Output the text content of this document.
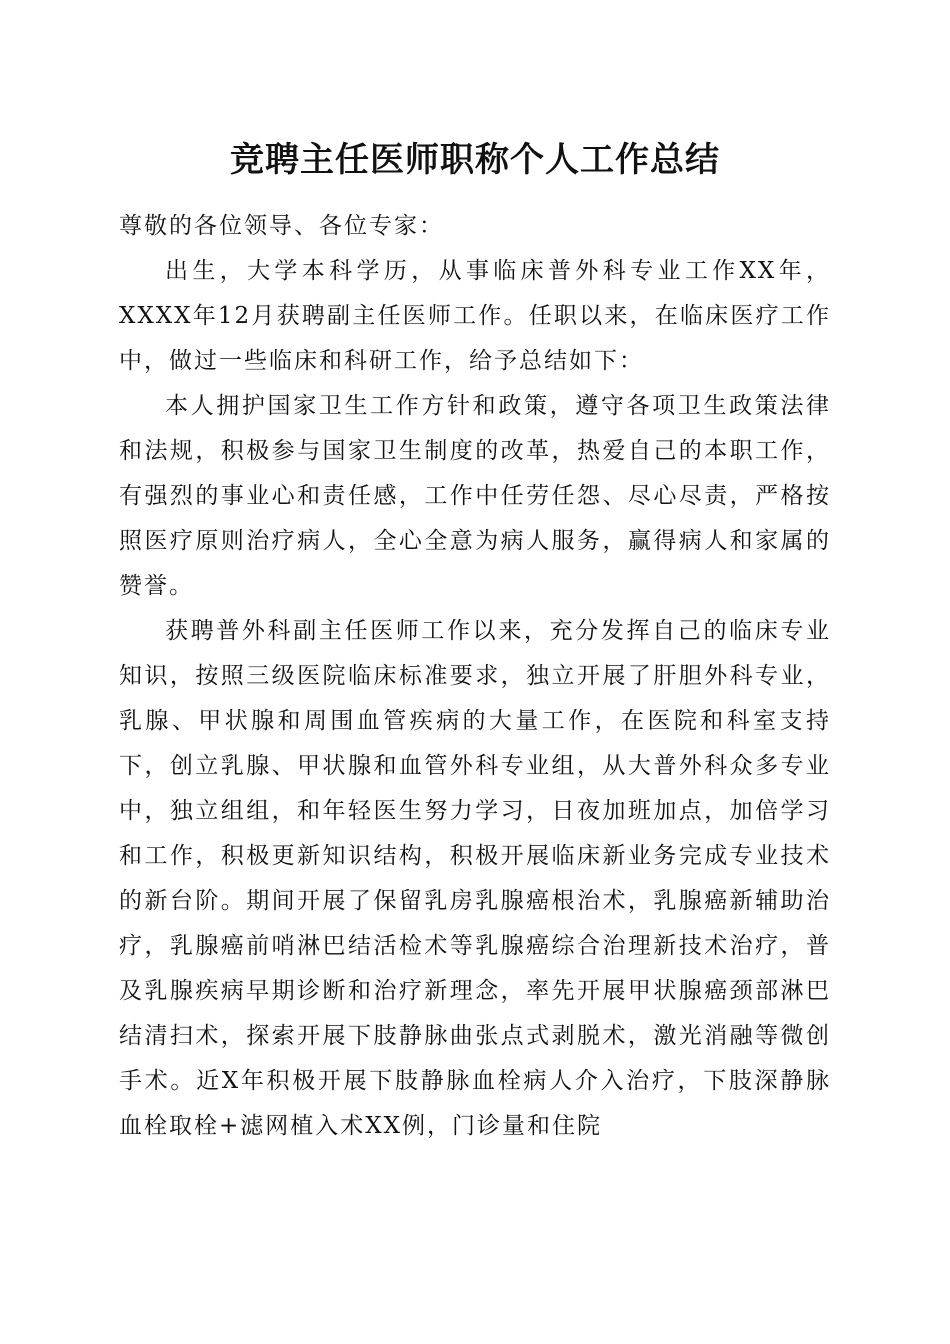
竞聘主任医师职称个人工作总结

尊敬的各位领导、各位专家：

出生，大学本科学历，从事临床普外科专业工作XX年，XXXX年12月获聘副主任医师工作。任职以来，在临床医疗工作中，做过一些临床和科研工作，给予总结如下：

本人拥护国家卫生工作方针和政策，遵守各项卫生政策法律和法规，积极参与国家卫生制度的改革，热爱自己的本职工作，有强烈的事业心和责任感，工作中任劳任怨、尽心尽责，严格按照医疗原则治疗病人，全心全意为病人服务，赢得病人和家属的赞誉。

获聘普外科副主任医师工作以来，充分发挥自己的临床专业知识，按照三级医院临床标准要求，独立开展了肝胆外科专业，乳腺、甲状腺和周围血管疾病的大量工作，在医院和科室支持下，创立乳腺、甲状腺和血管外科专业组，从大普外科众多专业中，独立组组，和年轻医生努力学习，日夜加班加点，加倍学习和工作，积极更新知识结构，积极开展临床新业务完成专业技术的新台阶。期间开展了保留乳房乳腺癌根治术，乳腺癌新辅助治疗，乳腺癌前哨淋巴结活检术等乳腺癌综合治理新技术治疗，普及乳腺疾病早期诊断和治疗新理念，率先开展甲状腺癌颈部淋巴结清扫术，探索开展下肢静脉曲张点式剥脱术，激光消融等微创手术。近X年积极开展下肢静脉血栓病人介入治疗，下肢深静脉血栓取栓+滤网植入术XX例，门诊量和住院
